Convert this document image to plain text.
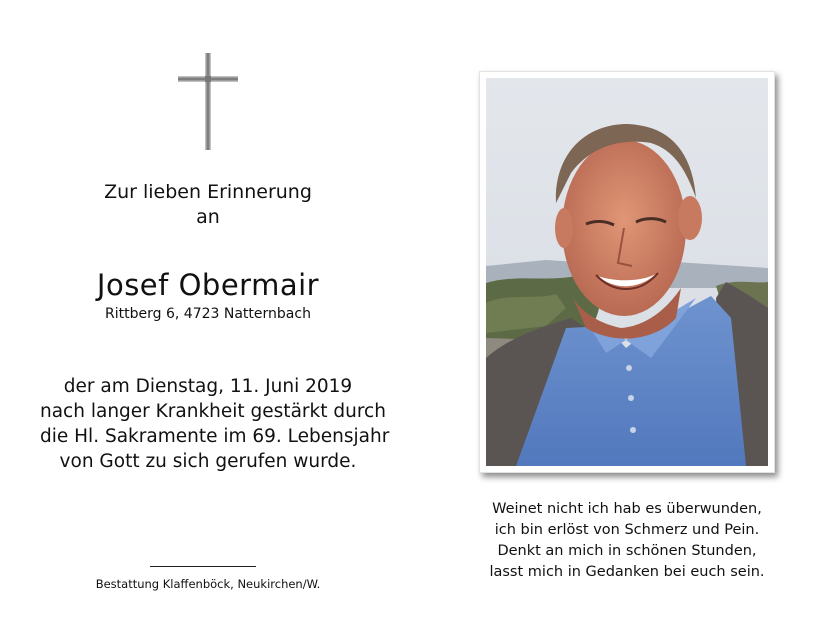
Zur lieben Erinnerung
an
Josef Obermair
Rittberg 6, 4723 Natternbach
der am Dienstag, 11. Juni 2019
nach langer Krankheit gestärkt durch
die Hl. Sakramente im 69. Lebensjahr
von Gott zu sich gerufen wurde.
Bestattung Klaffenböck, Neukirchen/W.
Weinet nicht ich hab es überwunden,
ich bin erlöst von Schmerz und Pein.
Denkt an mich in schönen Stunden,
lasst mich in Gedanken bei euch sein.
